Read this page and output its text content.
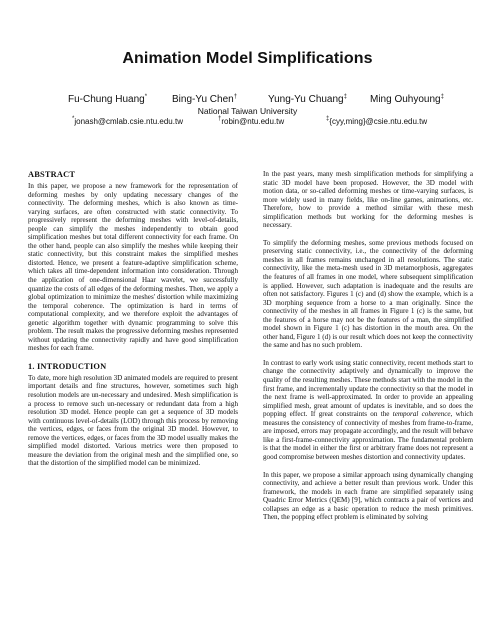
Animation Model Simplifications
Fu-Chung Huang* Bing-Yu Chen†	Yung-Yu Chuang‡ Ming Ouhyoung‡
National Taiwan University
*jonash@cmlab.csie.ntu.edu.tw	†robin@ntu.edu.tw	‡{cyy,ming}@csie.ntu.edu.tw
ABSTRACT

In this paper, we propose a new framework for the representation of deforming meshes by only updating necessary changes of the connectivity. The deforming meshes, which is also known as time-varying surfaces, are often constructed with static connectivity. To progressively represent the deforming meshes with level-of-details, people can simplify the meshes independently to obtain good simplification meshes but total different connectivity for each frame. On the other hand, people can also simplify the meshes while keeping their static connectivity, but this constraint makes the simplified meshes distorted. Hence, we present a feature-adaptive simplification scheme, which takes all time-dependent information into consideration. Through the application of one-dimensional Haar wavelet, we successfully quantize the costs of all edges of the deforming meshes. Then, we apply a global optimization to minimize the meshes' distortion while maximizing the temporal coherence. The optimization is hard in terms of computational complexity, and we therefore exploit the advantages of genetic algorithm together with dynamic programming to solve this problem. The result makes the progressive deforming meshes represented without updating the connectivity rapidly and have good simplification meshes for each frame.

1. INTRODUCTION

To date, more high resolution 3D animated models are required to present important details and fine structures, however, sometimes such high resolution models are un-necessary and undesired. Mesh simplification is a process to remove such un-necessary or redundant data from a high resolution 3D model. Hence people can get a sequence of 3D models with continuous level-of-details (LOD) through this process by removing the vertices, edges, or faces from the original 3D model. However, to remove the vertices, edges, or faces from the 3D model usually makes the simplified model distorted. Various metrics were then proposed to measure the deviation from the original mesh and the simplified one, so that the distortion of the simplified model can be minimized.

In the past years, many mesh simplification methods for simplifying a static 3D model have been proposed. However, the 3D model with motion data, or so-called deforming meshes or time-varying surfaces, is more widely used in many fields, like on-line games, animations, etc. Therefore, how to provide a method similar with these mesh simplification methods but working for the deforming meshes is necessary.

To simplify the deforming meshes, some previous methods focused on preserving static connectivity, i.e., the connectivity of the deforming meshes in all frames remains unchanged in all resolutions. The static connectivity, like the meta-mesh used in 3D metamorphosis, aggregates the features of all frames in one model, where subsequent simplification is applied. However, such adaptation is inadequate and the results are often not satisfactory. Figures 1 (c) and (d) show the example, which is a 3D morphing sequence from a horse to a man originally. Since the connectivity of the meshes in all frames in Figure 1 (c) is the same, but the features of a horse may not be the features of a man, the simplified model shown in Figure 1 (c) has distortion in the mouth area. On the other hand, Figure 1 (d) is our result which does not keep the connectivity the same and has no such problem.

In contrast to early work using static connectivity, recent methods start to change the connectivity adaptively and dynamically to improve the quality of the resulting meshes. These methods start with the model in the first frame, and incrementally update the connectivity so that the model in the next frame is well-approximated. In order to provide an appealing simplified mesh, great amount of updates is inevitable, and so does the popping effect. If great constraints on the temporal coherence, which measures the consistency of connectivity of meshes from frame-to-frame, are imposed, errors may propagate accordingly, and the result will behave like a first-frame-connectivity approximation. The fundamental problem is that the model in either the first or arbitrary frame does not represent a good compromise between meshes distortion and connectivity updates.

In this paper, we propose a similar approach using dynamically changing connectivity, and achieve a better result than previous work. Under this framework, the models in each frame are simplified separately using Quadric Error Metrics (QEM) [9], which contracts a pair of vertices and collapses an edge as a basic operation to reduce the mesh primitives. Then, the popping effect problem is eliminated by solving
